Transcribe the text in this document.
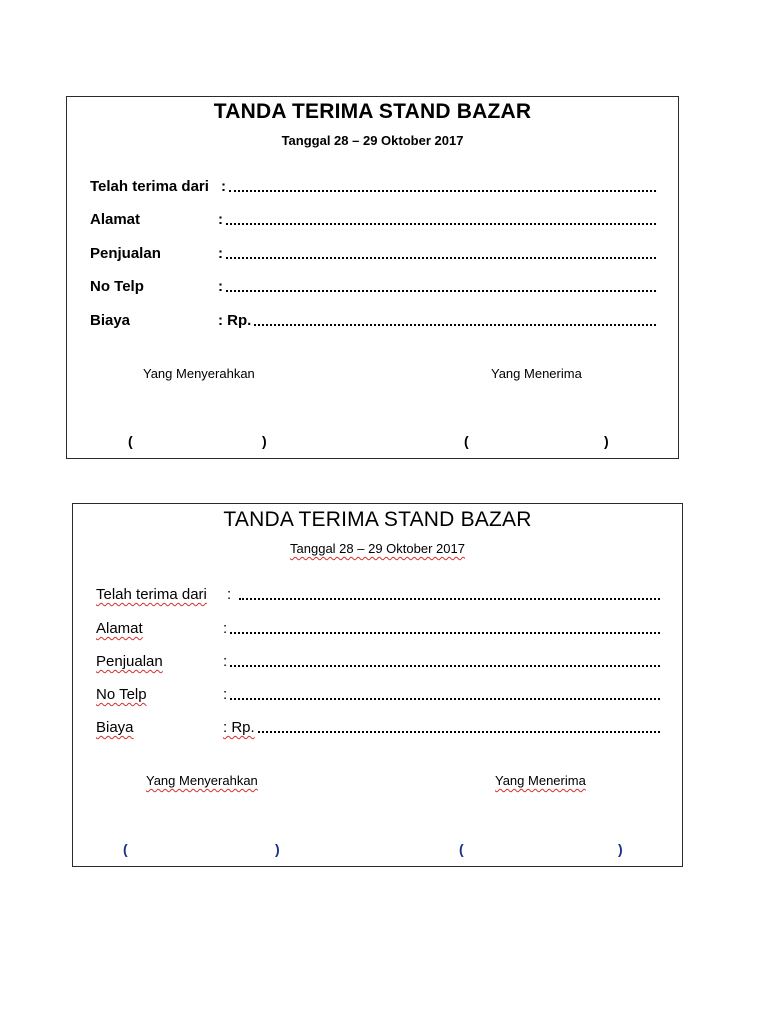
TANDA TERIMA STAND BAZAR
Tanggal 28 – 29 Oktober 2017
Telah terima dari :
Alamat	:
Penjualan	:
No Telp	:
Biaya	: Rp.
Yang Menyerahkan	Yang Menerima
(	)	(	)
TANDA TERIMA STAND BAZAR
Tanggal 28 – 29 Oktober 2017
Telah terima dari :
Alamat	:
Penjualan	:
No Telp	:
Biaya	: Rp.
Yang Menyerahkan	Yang Menerima
(	)	(	)
